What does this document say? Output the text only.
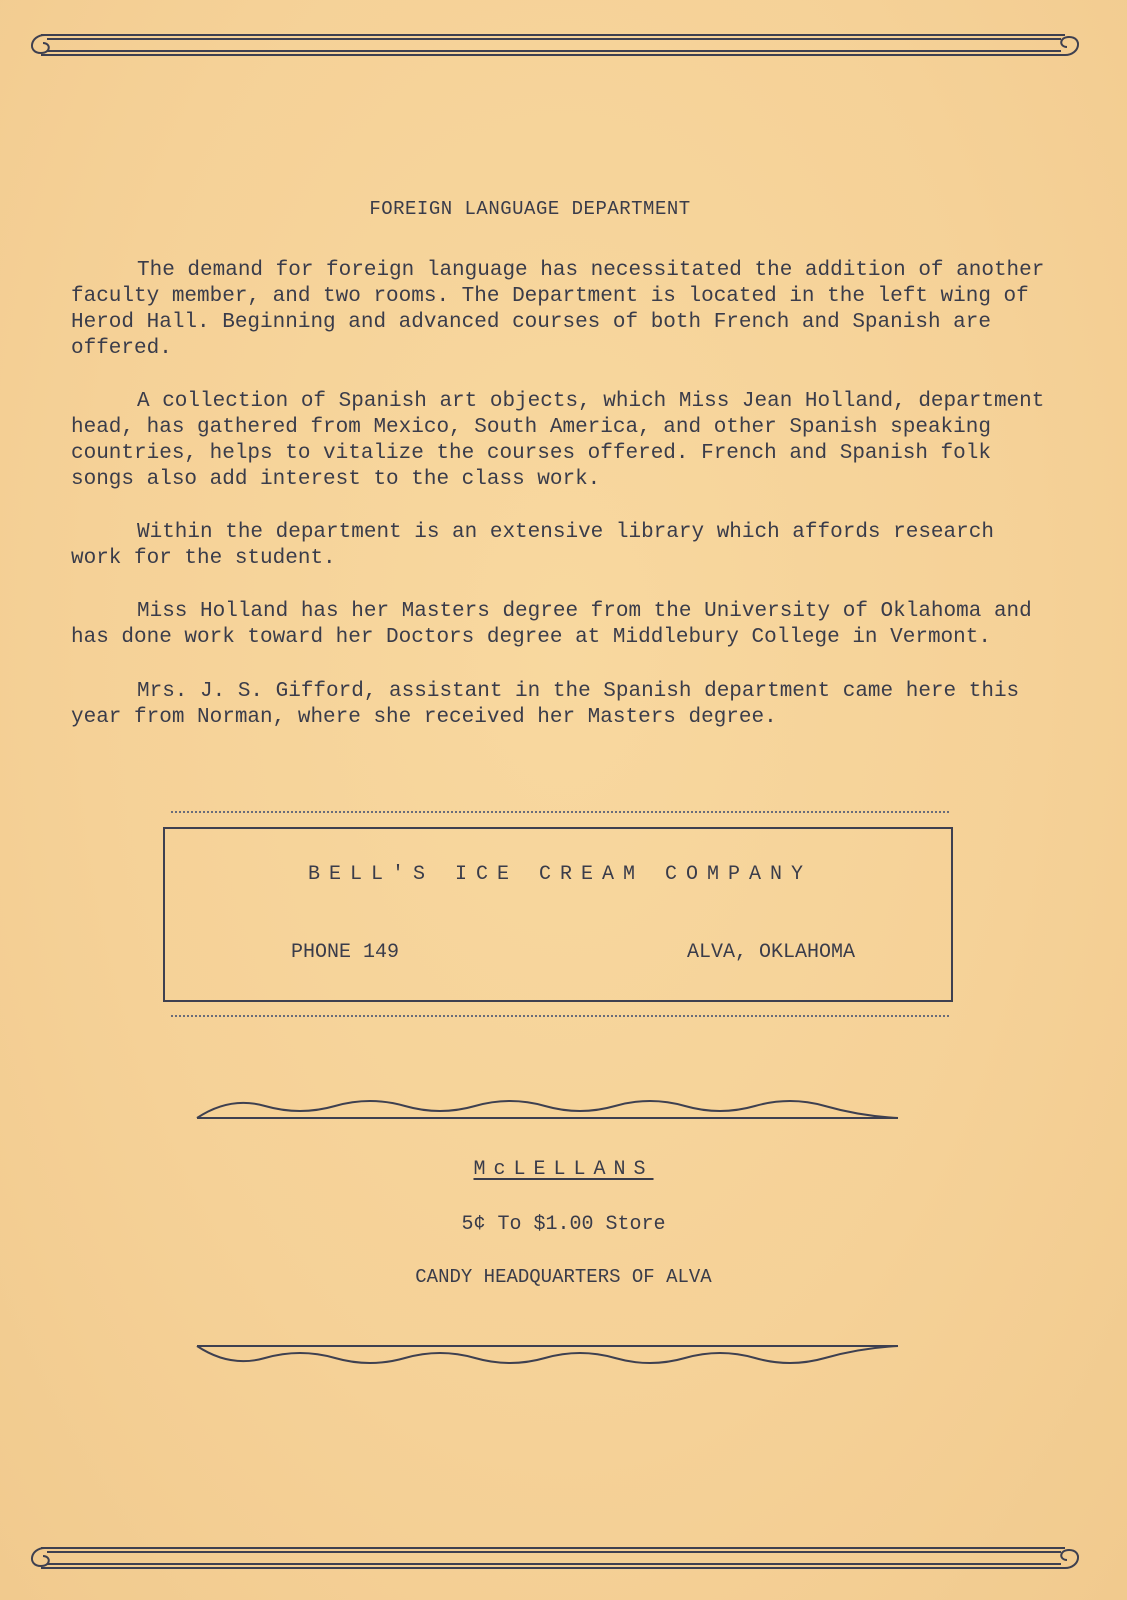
FOREIGN LANGUAGE DEPARTMENT

The demand for foreign language has necessitated the addition of another faculty member, and two rooms. The Department is located in the left wing of Herod Hall. Beginning and advanced courses of both French and Spanish are offered.

A collection of Spanish art objects, which Miss Jean Holland, department head, has gathered from Mexico, South America, and other Spanish speaking countries, helps to vitalize the courses offered. French and Spanish folk songs also add interest to the class work.

Within the department is an extensive library which affords research work for the student.

Miss Holland has her Masters degree from the University of Oklahoma and has done work toward her Doctors degree at Middlebury College in Vermont.

Mrs. J. S. Gifford, assistant in the Spanish department came here this year from Norman, where she received her Masters degree.

BELL'S ICE CREAM COMPANY
PHONE 149	ALVA, OKLAHOMA
McLELLANS
5¢ To $1.00 Store
CANDY HEADQUARTERS OF ALVA
